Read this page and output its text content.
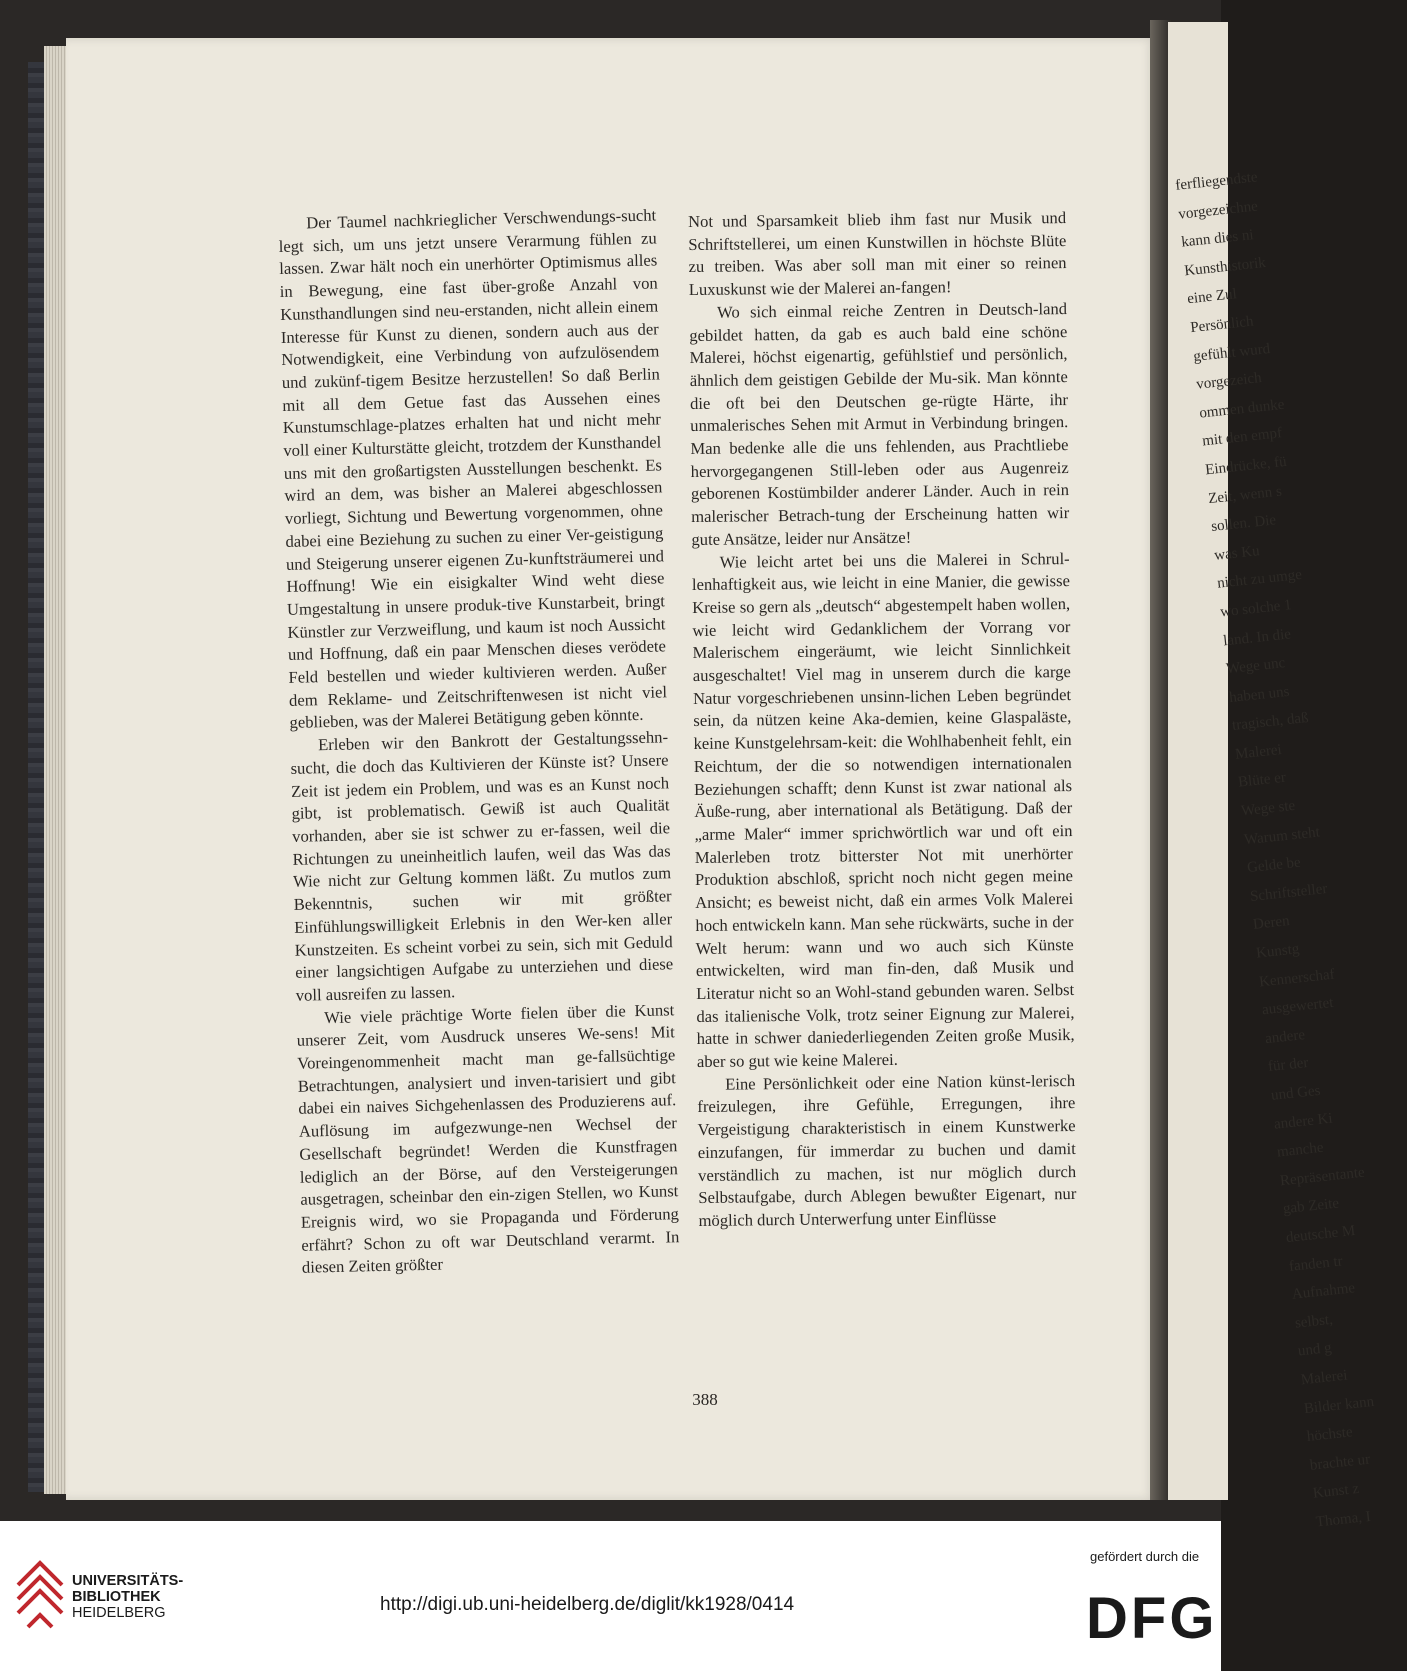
ferfliegendste
vorgezeichne
kann dies ni
Kunsthistorik
eine Zul
Persönlich
gefühlt wurd
vorgezeich
ommen dunke
mit den empf
Eindrücke, fü
Zeit, wenn s
sollen. Die
was Ku
nicht zu umge
wo solche 1
land. In die
Wege unc
haben uns
tragisch, daß
Malerei
Blüte er
Wege ste
Warum steht
Gelde be
Schriftsteller
Deren
Kunstg
Kennerschaf
ausgewertet
andere
für der
und Ges
andere Ki
manche
Repräsentante
gab Zeite
deutsche M
fanden tr
Aufnahme
selbst,
und g
Malerei
Bilder kann
höchste
brachte ur
Kunst z
Thoma, I

Der Taumel nachkrieglicher Verschwendungs-sucht legt sich, um uns jetzt unsere Verarmung fühlen zu lassen. Zwar hält noch ein unerhörter Optimismus alles in Bewegung, eine fast über-große Anzahl von Kunsthandlungen sind neu-erstanden, nicht allein einem Interesse für Kunst zu dienen, sondern auch aus der Notwendigkeit, eine Verbindung von aufzulösendem und zukünf-tigem Besitze herzustellen! So daß Berlin mit all dem Getue fast das Aussehen eines Kunstumschlage-platzes erhalten hat und nicht mehr voll einer Kulturstätte gleicht, trotzdem der Kunsthandel uns mit den großartigsten Ausstellungen beschenkt. Es wird an dem, was bisher an Malerei abgeschlossen vorliegt, Sichtung und Bewertung vorgenommen, ohne dabei eine Beziehung zu suchen zu einer Ver-geistigung und Steigerung unserer eigenen Zu-kunftsträumerei und Hoffnung! Wie ein eisigkalter Wind weht diese Umgestaltung in unsere produk-tive Kunstarbeit, bringt Künstler zur Verzweiflung, und kaum ist noch Aussicht und Hoffnung, daß ein paar Menschen dieses verödete Feld bestellen und wieder kultivieren werden. Außer dem Reklame- und Zeitschriftenwesen ist nicht viel geblieben, was der Malerei Betätigung geben könnte.

Erleben wir den Bankrott der Gestaltungssehn-sucht, die doch das Kultivieren der Künste ist? Unsere Zeit ist jedem ein Problem, und was es an Kunst noch gibt, ist problematisch. Gewiß ist auch Qualität vorhanden, aber sie ist schwer zu er-fassen, weil die Richtungen zu uneinheitlich laufen, weil das Was das Wie nicht zur Geltung kommen läßt. Zu mutlos zum Bekenntnis, suchen wir mit größter Einfühlungswilligkeit Erlebnis in den Wer-ken aller Kunstzeiten. Es scheint vorbei zu sein, sich mit Geduld einer langsichtigen Aufgabe zu unterziehen und diese voll ausreifen zu lassen.

Wie viele prächtige Worte fielen über die Kunst unserer Zeit, vom Ausdruck unseres We-sens! Mit Voreingenommenheit macht man ge-fallsüchtige Betrachtungen, analysiert und inven-tarisiert und gibt dabei ein naives Sichgehenlassen des Produzierens auf. Auflösung im aufgezwunge-nen Wechsel der Gesellschaft begründet! Werden die Kunstfragen lediglich an der Börse, auf den Versteigerungen ausgetragen, scheinbar den ein-zigen Stellen, wo Kunst Ereignis wird, wo sie Propaganda und Förderung erfährt? Schon zu oft war Deutschland verarmt. In diesen Zeiten größter

Not und Sparsamkeit blieb ihm fast nur Musik und Schriftstellerei, um einen Kunstwillen in höchste Blüte zu treiben. Was aber soll man mit einer so reinen Luxuskunst wie der Malerei an-fangen!

Wo sich einmal reiche Zentren in Deutsch-land gebildet hatten, da gab es auch bald eine schöne Malerei, höchst eigenartig, gefühlstief und persönlich, ähnlich dem geistigen Gebilde der Mu-sik. Man könnte die oft bei den Deutschen ge-rügte Härte, ihr unmalerisches Sehen mit Armut in Verbindung bringen. Man bedenke alle die uns fehlenden, aus Prachtliebe hervorgegangenen Still-leben oder aus Augenreiz geborenen Kostümbilder anderer Länder. Auch in rein malerischer Betrach-tung der Erscheinung hatten wir gute Ansätze, leider nur Ansätze!

Wie leicht artet bei uns die Malerei in Schrul-lenhaftigkeit aus, wie leicht in eine Manier, die gewisse Kreise so gern als „deutsch“ abgestempelt haben wollen, wie leicht wird Gedanklichem der Vorrang vor Malerischem eingeräumt, wie leicht Sinnlichkeit ausgeschaltet! Viel mag in unserem durch die karge Natur vorgeschriebenen unsinn-lichen Leben begründet sein, da nützen keine Aka-demien, keine Glaspaläste, keine Kunstgelehrsam-keit: die Wohlhabenheit fehlt, ein Reichtum, der die so notwendigen internationalen Beziehungen schafft; denn Kunst ist zwar national als Äuße-rung, aber international als Betätigung. Daß der „arme Maler“ immer sprichwörtlich war und oft ein Malerleben trotz bitterster Not mit unerhörter Produktion abschloß, spricht noch nicht gegen meine Ansicht; es beweist nicht, daß ein armes Volk Malerei hoch entwickeln kann. Man sehe rückwärts, suche in der Welt herum: wann und wo auch sich Künste entwickelten, wird man fin-den, daß Musik und Literatur nicht so an Wohl-stand gebunden waren. Selbst das italienische Volk, trotz seiner Eignung zur Malerei, hatte in schwer daniederliegenden Zeiten große Musik, aber so gut wie keine Malerei.

Eine Persönlichkeit oder eine Nation künst-lerisch freizulegen, ihre Gefühle, Erregungen, ihre Vergeistigung charakteristisch in einem Kunstwerke einzufangen, für immerdar zu buchen und damit verständlich zu machen, ist nur möglich durch Selbstaufgabe, durch Ablegen bewußter Eigenart, nur möglich durch Unterwerfung unter Einflüsse

388
UNIVERSITÄTS-
BIBLIOTHEK
HEIDELBERG	http://digi.ub.uni-heidelberg.de/diglit/kk1928/0414
gefördert durch die
DFG
